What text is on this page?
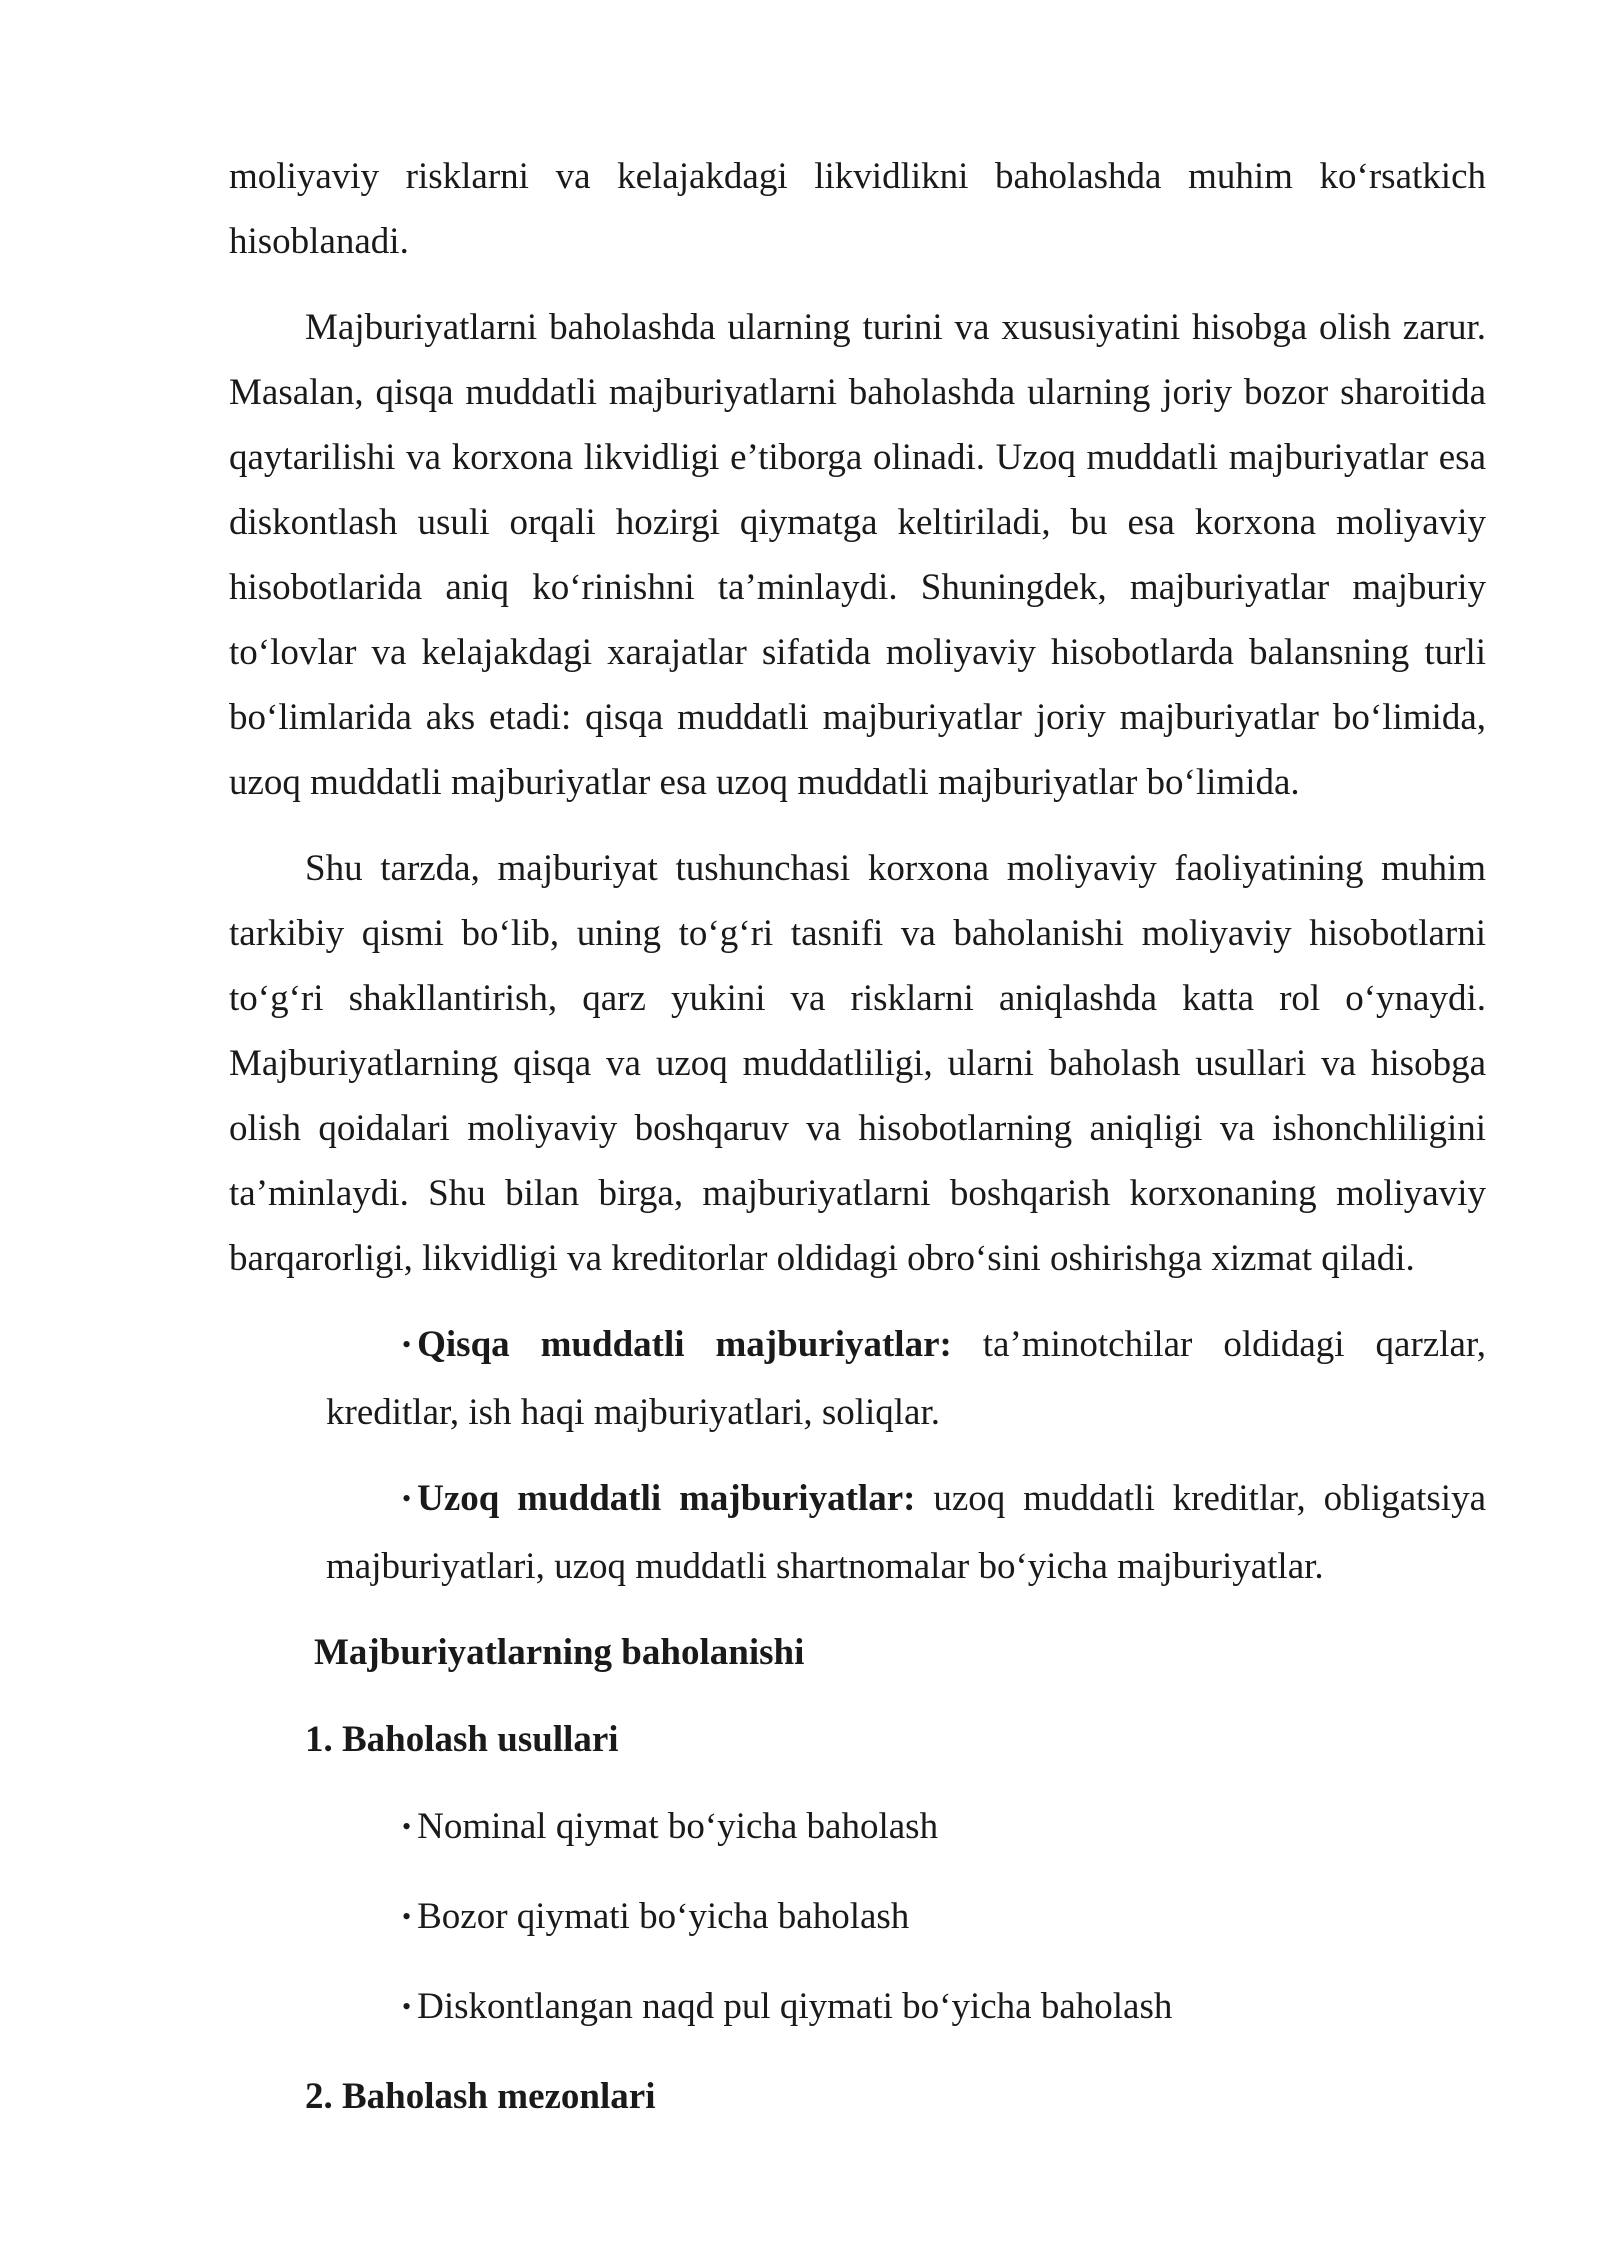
moliyaviy risklarni va kelajakdagi likvidlikni baholashda muhim ko‘rsatkich hisoblanadi.

Majburiyatlarni baholashda ularning turini va xususiyatini hisobga olish zarur. Masalan, qisqa muddatli majburiyatlarni baholashda ularning joriy bozor sharoitida qaytarilishi va korxona likvidligi e’tiborga olinadi. Uzoq muddatli majburiyatlar esa diskontlash usuli orqali hozirgi qiymatga keltiriladi, bu esa korxona moliyaviy hisobotlarida aniq ko‘rinishni ta’minlaydi. Shuningdek, majburiyatlar majburiy to‘lovlar va kelajakdagi xarajatlar sifatida moliyaviy hisobotlarda balansning turli bo‘limlarida aks etadi: qisqa muddatli majburiyatlar joriy majburiyatlar bo‘limida, uzoq muddatli majburiyatlar esa uzoq muddatli majburiyatlar bo‘limida.

Shu tarzda, majburiyat tushunchasi korxona moliyaviy faoliyatining muhim tarkibiy qismi bo‘lib, uning to‘g‘ri tasnifi va baholanishi moliyaviy hisobotlarni to‘g‘ri shakllantirish, qarz yukini va risklarni aniqlashda katta rol o‘ynaydi. Majburiyatlarning qisqa va uzoq muddatliligi, ularni baholash usullari va hisobga olish qoidalari moliyaviy boshqaruv va hisobotlarning aniqligi va ishonchliligini ta’minlaydi. Shu bilan birga, majburiyatlarni boshqarish korxonaning moliyaviy barqarorligi, likvidligi va kreditorlar oldidagi obro‘sini oshirishga xizmat qiladi.

• Qisqa muddatli majburiyatlar: ta’minotchilar oldidagi qarzlar, kreditlar, ish haqi majburiyatlari, soliqlar.

• Uzoq muddatli majburiyatlar: uzoq muddatli kreditlar, obligatsiya majburiyatlari, uzoq muddatli shartnomalar bo‘yicha majburiyatlar.

Majburiyatlarning baholanishi

1. Baholash usullari

• Nominal qiymat bo‘yicha baholash

• Bozor qiymati bo‘yicha baholash

• Diskontlangan naqd pul qiymati bo‘yicha baholash

2. Baholash mezonlari
